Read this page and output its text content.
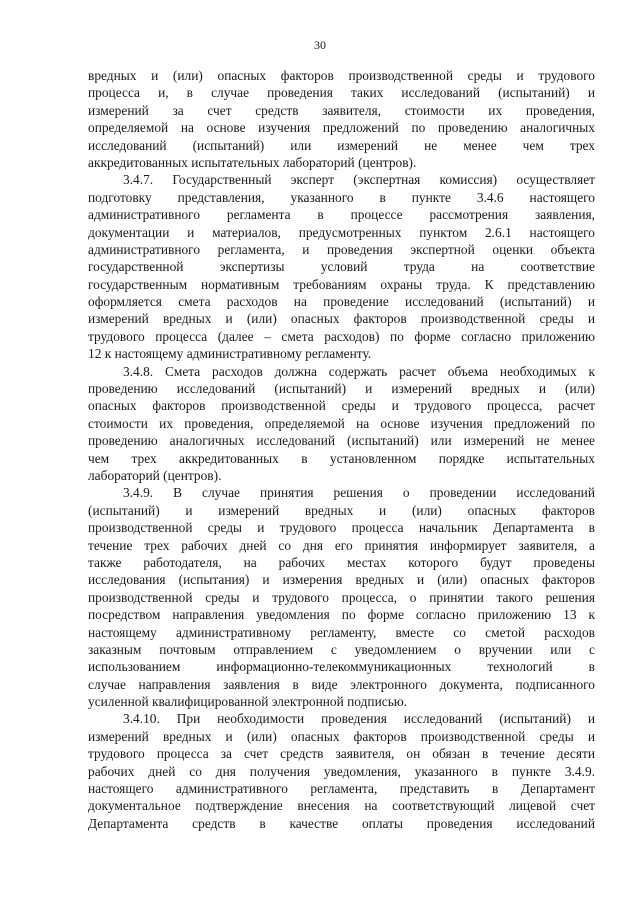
30
вредных и (или) опасных факторов производственной среды и трудового
процесса и, в случае проведения таких исследований (испытаний) и
измерений за счет средств заявителя, стоимости их проведения,
определяемой на основе изучения предложений по проведению аналогичных
исследований (испытаний) или измерений не менее чем трех
аккредитованных испытательных лабораторий (центров).
3.4.7. Государственный эксперт (экспертная комиссия) осуществляет
подготовку представления, указанного в пункте 3.4.6 настоящего
административного регламента в процессе рассмотрения заявления,
документации и материалов, предусмотренных пунктом 2.6.1 настоящего
административного регламента, и проведения экспертной оценки объекта
государственной экспертизы условий труда на соответствие
государственным нормативным требованиям охраны труда. К представлению
оформляется смета расходов на проведение исследований (испытаний) и
измерений вредных и (или) опасных факторов производственной среды и
трудового процесса (далее – смета расходов) по форме согласно приложению
12 к настоящему административному регламенту.
3.4.8. Смета расходов должна содержать расчет объема необходимых к
проведению исследований (испытаний) и измерений вредных и (или)
опасных факторов производственной среды и трудового процесса, расчет
стоимости их проведения, определяемой на основе изучения предложений по
проведению аналогичных исследований (испытаний) или измерений не менее
чем трех аккредитованных в установленном порядке испытательных
лабораторий (центров).
3.4.9. В случае принятия решения о проведении исследований
(испытаний) и измерений вредных и (или) опасных факторов
производственной среды и трудового процесса начальник Департамента в
течение трех рабочих дней со дня его принятия информирует заявителя, а
также работодателя, на рабочих местах которого будут проведены
исследования (испытания) и измерения вредных и (или) опасных факторов
производственной среды и трудового процесса, о принятии такого решения
посредством направления уведомления по форме согласно приложению 13 к
настоящему административному регламенту, вместе со сметой расходов
заказным почтовым отправлением с уведомлением о вручении или с
использованием информационно-телекоммуникационных технологий в
случае направления заявления в виде электронного документа, подписанного
усиленной квалифицированной электронной подписью.
3.4.10. При необходимости проведения исследований (испытаний) и
измерений вредных и (или) опасных факторов производственной среды и
трудового процесса за счет средств заявителя, он обязан в течение десяти
рабочих дней со дня получения уведомления, указанного в пункте 3.4.9.
настоящего административного регламента, представить в Департамент
документальное подтверждение внесения на соответствующий лицевой счет
Департамента средств в качестве оплаты проведения исследований
